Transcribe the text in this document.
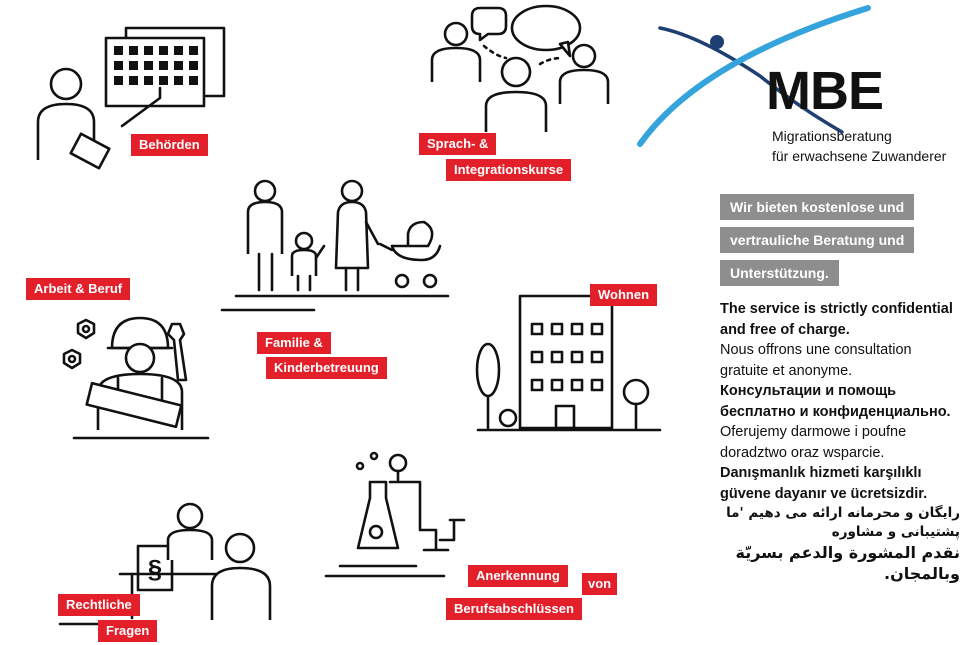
§
Behörden	Sprach- &
Integrationskurse
Familie &
Kinderbetreuung
Arbeit & Beruf	Wohnen
Anerkennung
von
Berufsabschlüssen
Rechtliche
Fragen
MBE
Migrationsberatung
für erwachsene Zuwanderer
Wir bieten kostenlose und
vertrauliche Beratung und
Unterstützung.

The service is strictly confidential and free of charge.

Nous offrons une consultation gratuite et anonyme.

Консультации и помощь бесплатно и конфиденциально.

Oferujemy darmowe i poufne doradztwo oraz wsparcie.

Danışmanlık hizmeti karşılıklı güvene dayanır ve ücretsizdir.

رایگان و محرمانه ارائه می دهیم 'ما پشتیبانی و مشاوره

نقدم المشورة والدعم بسريّة وبالمجان.
